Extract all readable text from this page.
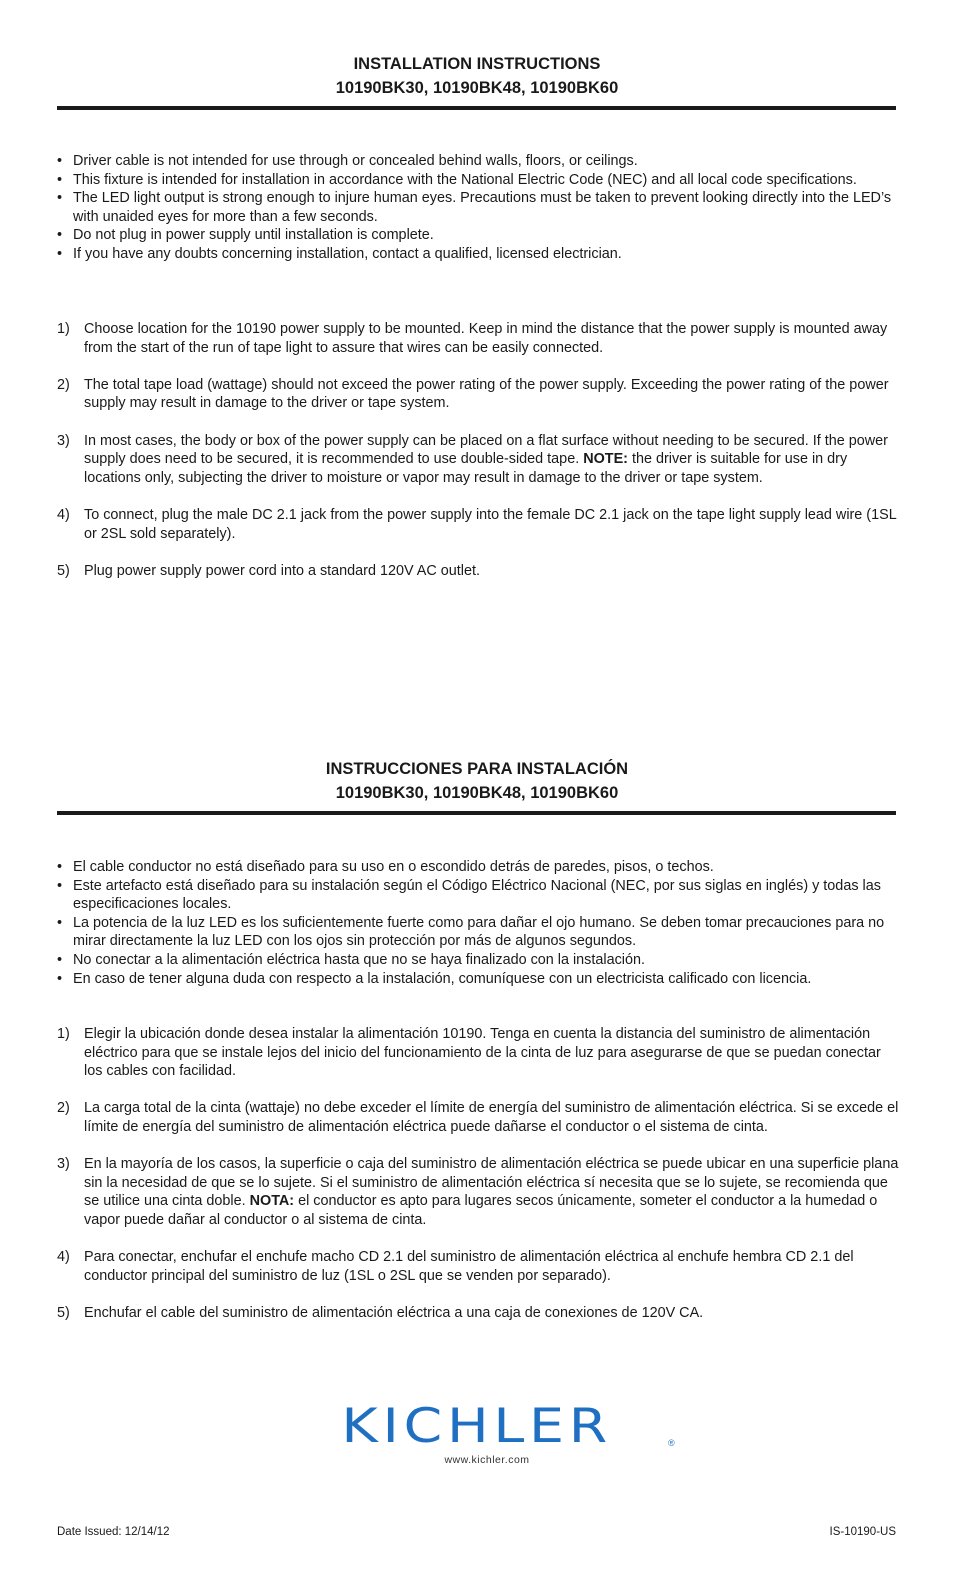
INSTALLATION INSTRUCTIONS
10190BK30, 10190BK48, 10190BK60
• Driver cable is not intended for use through or concealed behind walls, floors, or ceilings.
• This fixture is intended for installation in accordance with the National Electric Code (NEC) and all local code specifications.
• The LED light output is strong enough to injure human eyes. Precautions must be taken to prevent looking directly into the LED’s with unaided eyes for more than a few seconds.
• Do not plug in power supply until installation is complete.
• If you have any doubts concerning installation, contact a qualified, licensed electrician.
1) Choose location for the 10190 power supply to be mounted. Keep in mind the distance that the power supply is mounted away from the start of the run of tape light to assure that wires can be easily connected.
2) The total tape load (wattage) should not exceed the power rating of the power supply. Exceeding the power rating of the power supply may result in damage to the driver or tape system.
3) In most cases, the body or box of the power supply can be placed on a flat surface without needing to be secured. If the power supply does need to be secured, it is recommended to use double-sided tape. NOTE: the driver is suitable for use in dry locations only, subjecting the driver to moisture or vapor may result in damage to the driver or tape system.
4) To connect, plug the male DC 2.1 jack from the power supply into the female DC 2.1 jack on the tape light supply lead wire (1SL or 2SL sold separately).
5) Plug power supply power cord into a standard 120V AC outlet.
INSTRUCCIONES PARA INSTALACIÓN
10190BK30, 10190BK48, 10190BK60
• El cable conductor no está diseñado para su uso en o escondido detrás de paredes, pisos, o techos.
• Este artefacto está diseñado para su instalación según el Código Eléctrico Nacional (NEC, por sus siglas en inglés) y todas las especificaciones locales.
• La potencia de la luz LED es los suficientemente fuerte como para dañar el ojo humano. Se deben tomar precauciones para no mirar directamente la luz LED con los ojos sin protección por más de algunos segundos.
• No conectar a la alimentación eléctrica hasta que no se haya finalizado con la instalación.
• En caso de tener alguna duda con respecto a la instalación, comuníquese con un electricista calificado con licencia.
1) Elegir la ubicación donde desea instalar la alimentación 10190. Tenga en cuenta la distancia del suministro de alimentación eléctrico para que se instale lejos del inicio del funcionamiento de la cinta de luz para asegurarse de que se puedan conectar los cables con facilidad.
2) La carga total de la cinta (wattaje) no debe exceder el límite de energía del suministro de alimentación eléctrica. Si se excede el límite de energía del suministro de alimentación eléctrica puede dañarse el conductor o el sistema de cinta.
3) En la mayoría de los casos, la superficie o caja del suministro de alimentación eléctrica se puede ubicar en una superficie plana sin la necesidad de que se lo sujete. Si el suministro de alimentación eléctrica sí necesita que se lo sujete, se recomienda que se utilice una cinta doble. NOTA: el conductor es apto para lugares secos únicamente, someter el conductor a la humedad o vapor puede dañar al conductor o al sistema de cinta.
4) Para conectar, enchufar el enchufe macho CD 2.1 del suministro de alimentación eléctrica al enchufe hembra CD 2.1 del conductor principal del suministro de luz (1SL o 2SL que se venden por separado).
5) Enchufar el cable del suministro de alimentación eléctrica a una caja de conexiones de 120V CA.
KICHLER	®
www.kichler.com
Date Issued: 12/14/12	IS-10190-US
